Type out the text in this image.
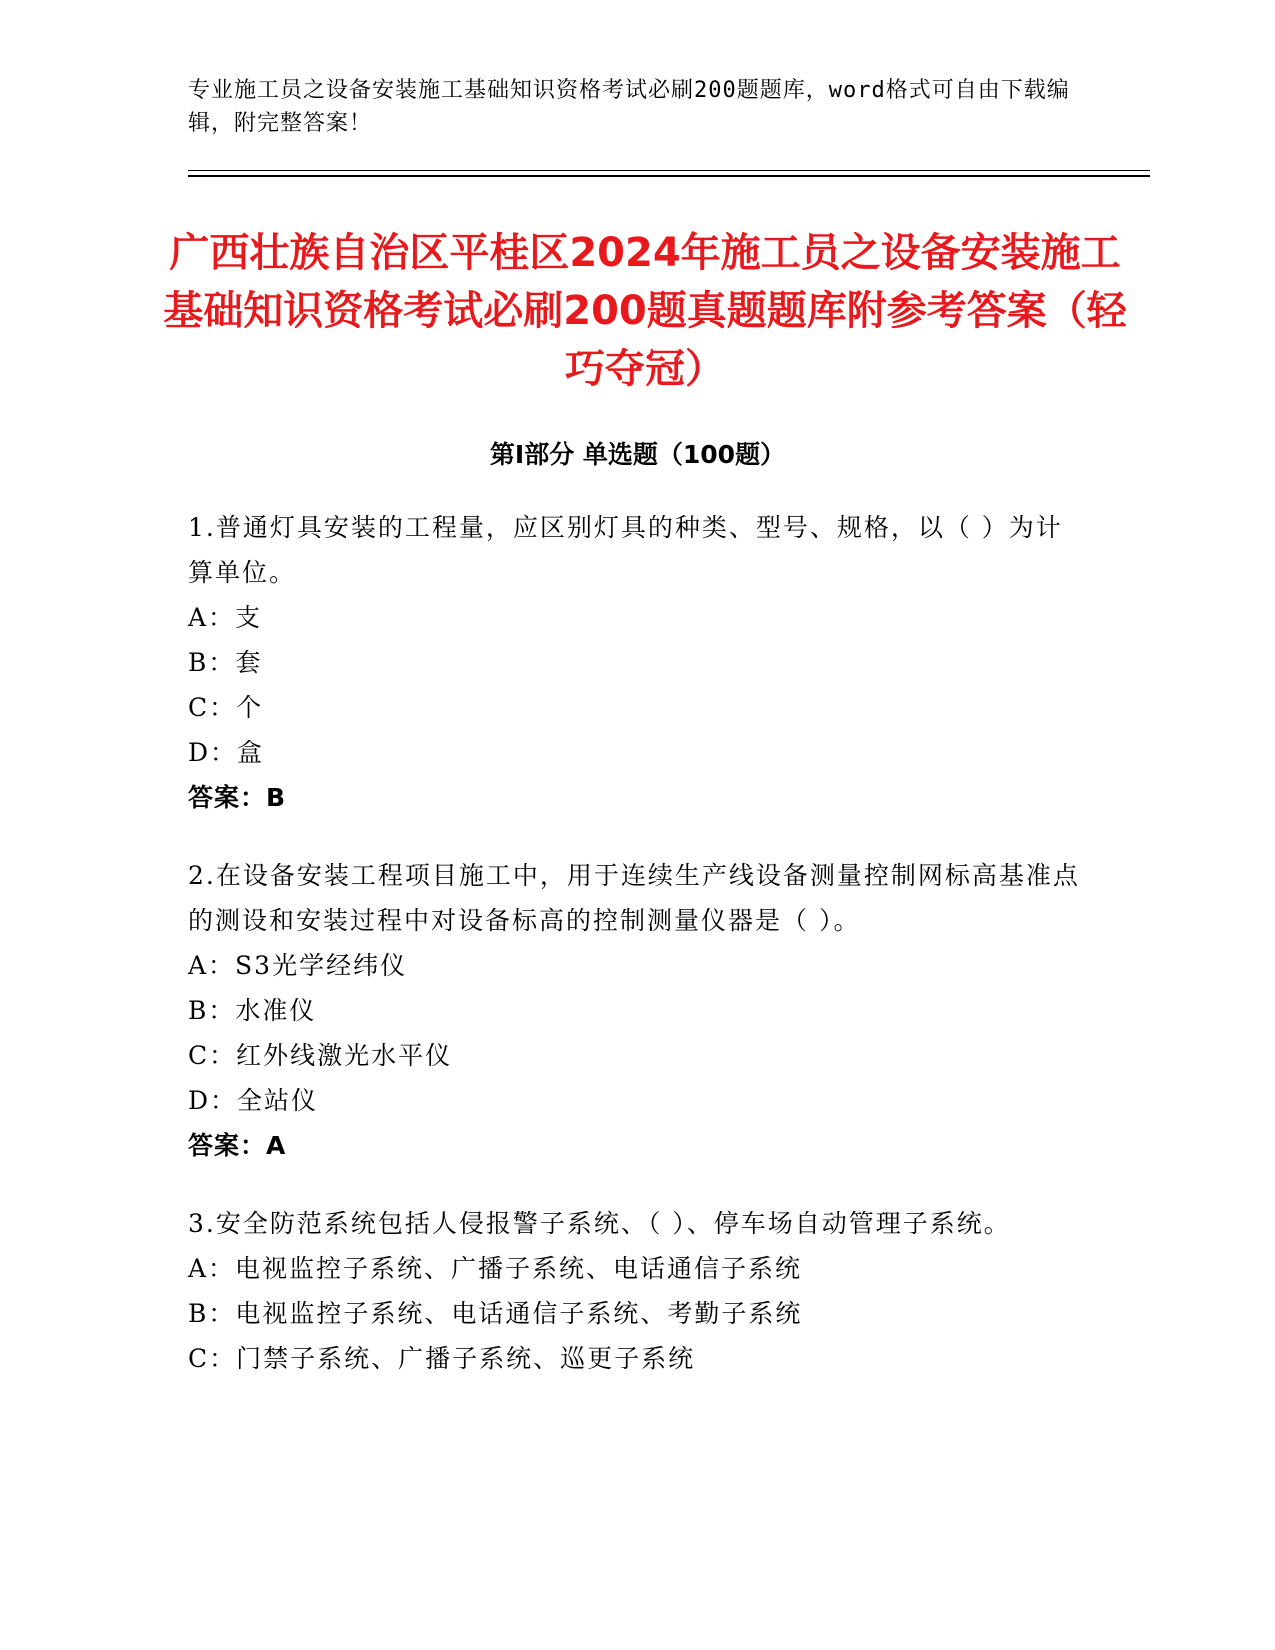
专业施工员之设备安装施工基础知识资格考试必刷200题题库，word格式可自由下载编辑，附完整答案！
广西壮族自治区平桂区2024年施工员之设备安装施工基础知识资格考试必刷200题真题题库附参考答案（轻巧夺冠）
第Ⅰ部分 单选题（100题）

1.普通灯具安装的工程量，应区别灯具的种类、型号、规格，以（ ）为计算单位。

A：支

B：套

C：个

D：盒

答案：B

2.在设备安装工程项目施工中，用于连续生产线设备测量控制网标高基准点的测设和安装过程中对设备标高的控制测量仪器是（ ）。

A：S3光学经纬仪

B：水准仪

C：红外线激光水平仪

D：全站仪

答案：A

3.安全防范系统包括人侵报警子系统、（ ）、停车场自动管理子系统。

A：电视监控子系统、广播子系统、电话通信子系统

B：电视监控子系统、电话通信子系统、考勤子系统

C：门禁子系统、广播子系统、巡更子系统
